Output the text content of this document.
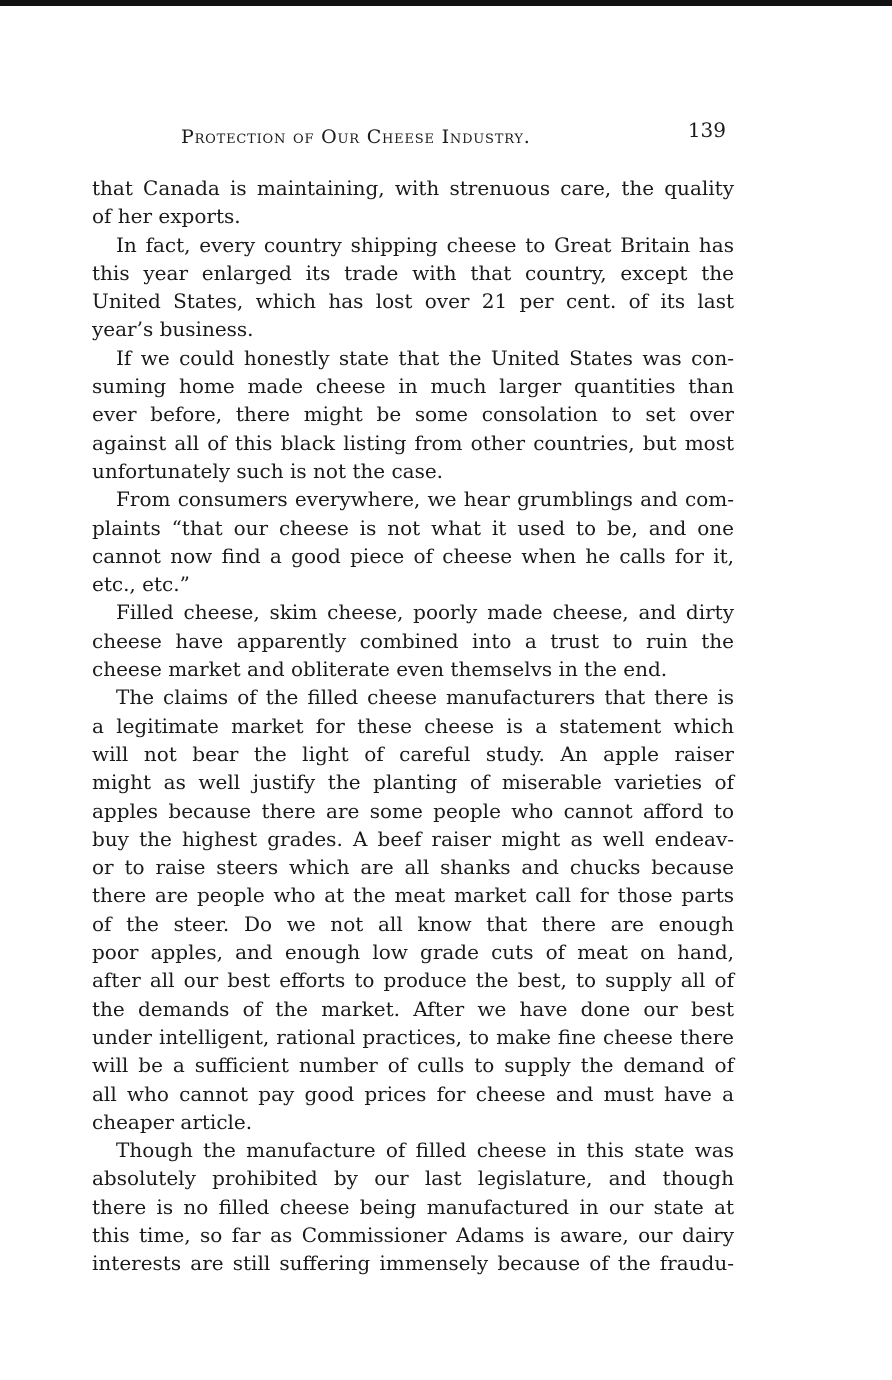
Protection of Our Cheese Industry.	139
that Canada is maintaining, with strenuous care, the quality
of her exports.
In fact, every country shipping cheese to Great Britain has
this year enlarged its trade with that country, except the
United States, which has lost over 21 per cent. of its last
year’s business.
If we could honestly state that the United States was con-
suming home made cheese in much larger quantities than
ever before, there might be some consolation to set over
against all of this black listing from other countries, but most
unfortunately such is not the case.
From consumers everywhere, we hear grumblings and com-
plaints “that our cheese is not what it used to be, and one
cannot now find a good piece of cheese when he calls for it,
etc., etc.”
Filled cheese, skim cheese, poorly made cheese, and dirty
cheese have apparently combined into a trust to ruin the
cheese market and obliterate even themselvs in the end.
The claims of the filled cheese manufacturers that there is
a legitimate market for these cheese is a statement which
will not bear the light of careful study. An apple raiser
might as well justify the planting of miserable varieties of
apples because there are some people who cannot afford to
buy the highest grades. A beef raiser might as well endeav-
or to raise steers which are all shanks and chucks because
there are people who at the meat market call for those parts
of the steer. Do we not all know that there are enough
poor apples, and enough low grade cuts of meat on hand,
after all our best efforts to produce the best, to supply all of
the demands of the market. After we have done our best
under intelligent, rational practices, to make fine cheese there
will be a sufficient number of culls to supply the demand of
all who cannot pay good prices for cheese and must have a
cheaper article.
Though the manufacture of filled cheese in this state was
absolutely prohibited by our last legislature, and though
there is no filled cheese being manufactured in our state at
this time, so far as Commissioner Adams is aware, our dairy
interests are still suffering immensely because of the fraudu-
